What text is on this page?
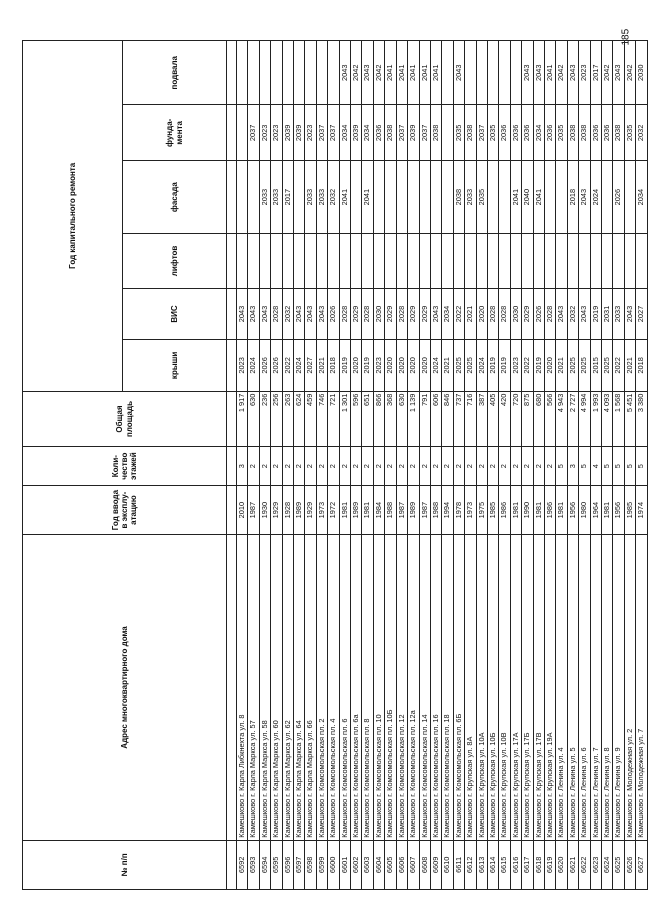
185
№ п/п	Адрес многоквартирного дома	Год ввода в эксплу-атацию	Коли-чество этажей	Общая площадь	Год капитального ремонта					
					крыши	ВИС	лифтов	фасада	фунда-мента	подвала

6592	Камешково г. Карла Либкнехта ул. 8	2010	3	1 917	2023	2043				
6593	Камешково г. Карла Маркса ул. 57	1987	2	630	2024	2043			2037	
6594	Камешково г. Карла Маркса ул. 58	1930	2	236	2026	2043		2033	2023	
6595	Камешково г. Карла Маркса ул. 60	1929	2	256	2026	2028		2033	2023	
6596	Камешково г. Карла Маркса ул. 62	1928	2	263	2022	2032		2017	2039	
6597	Камешково г. Карла Маркса ул. 64	1989	2	624	2024	2043			2039	
6598	Камешково г. Карла Маркса ул. 66	1929	2	459	2027	2043		2033	2023	
6599	Камешково г. Комсомольская пл. 2	1973	2	746	2021	2043		2033	2037	
6600	Камешково г. Комсомольская пл. 4	1972	2	721	2018	2026		2032	2037	
6601	Камешково г. Комсомольская пл. 6	1981	2	1 301	2019	2028		2041	2034	2043
6602	Камешково г. Комсомольская пл. 6а	1989	2	596	2020	2029			2039	2042
6603	Камешково г. Комсомольская пл. 8	1981	2	651	2019	2028		2041	2034	2043
6604	Камешково г. Комсомольская пл. 10	1984	2	866	2023	2030			2036	2042
6605	Камешково г. Комсомольская пл. 10Б	1988	2	368	2020	2029			2038	2041
6606	Камешково г. Комсомольская пл. 12	1987	2	630	2020	2028			2037	2041
6607	Камешково г. Комсомольская пл. 12а	1989	2	1 139	2020	2029			2039	2041
6608	Камешково г. Комсомольская пл. 14	1987	2	791	2020	2029			2037	2041
6609	Камешково г. Комсомольская пл. 16	1988	2	606	2024	2043			2038	2041
6610	Камешково г. Комсомольская пл. 18	1994	2	846	2021	2034				
6611	Камешково г. Комсомольская пл. 6Б	1978	2	737	2025	2022		2038	2035	2043
6612	Камешково г. Крупская ул. 8А	1973	2	716	2025	2021		2033	2038	
6613	Камешково г. Крупская ул. 10А	1975	2	387	2024	2020		2035	2037	
6614	Камешково г. Крупская ул. 10Б	1985	2	405	2019	2028			2035	
6615	Камешково г. Крупская ул. 10В	1986	2	420	2019	2028			2036	
6616	Камешково г. Крупская ул. 17А	1981	2	720	2023	2030		2041	2036	
6617	Камешково г. Крупская ул. 17Б	1990	2	875	2022	2029		2040	2036	2043
6618	Камешково г. Крупская ул. 17В	1981	2	680	2019	2026		2041	2034	2043
6619	Камешково г. Крупская ул. 19А	1986	2	566	2020	2028			2036	2041
6620	Камешково г. Ленина ул. 4	1981	5	4 943	2021	2043			2035	2042
6621	Камешково г. Ленина ул. 5	1956	3	2 727	2025	2032		2018	2038	2043
6622	Камешково г. Ленина ул. 6	1980	5	4 994	2025	2043		2043	2038	2023
6623	Камешково г. Ленина ул. 7	1964	4	1 993	2015	2019		2024	2036	2017
6624	Камешково г. Ленина ул. 8	1981	5	4 093	2025	2031			2036	2042
6625	Камешково г. Ленина ул. 9	1956	5	1 568	2022	2033		2026	2038	2043
6626	Камешково г. Молодежная ул. 2	1985	5	5 451	2021	2043			2035	2042
6627	Камешково г. Молодежная ул. 7	1974	5	3 380	2018	2027		2034	2032	2030
